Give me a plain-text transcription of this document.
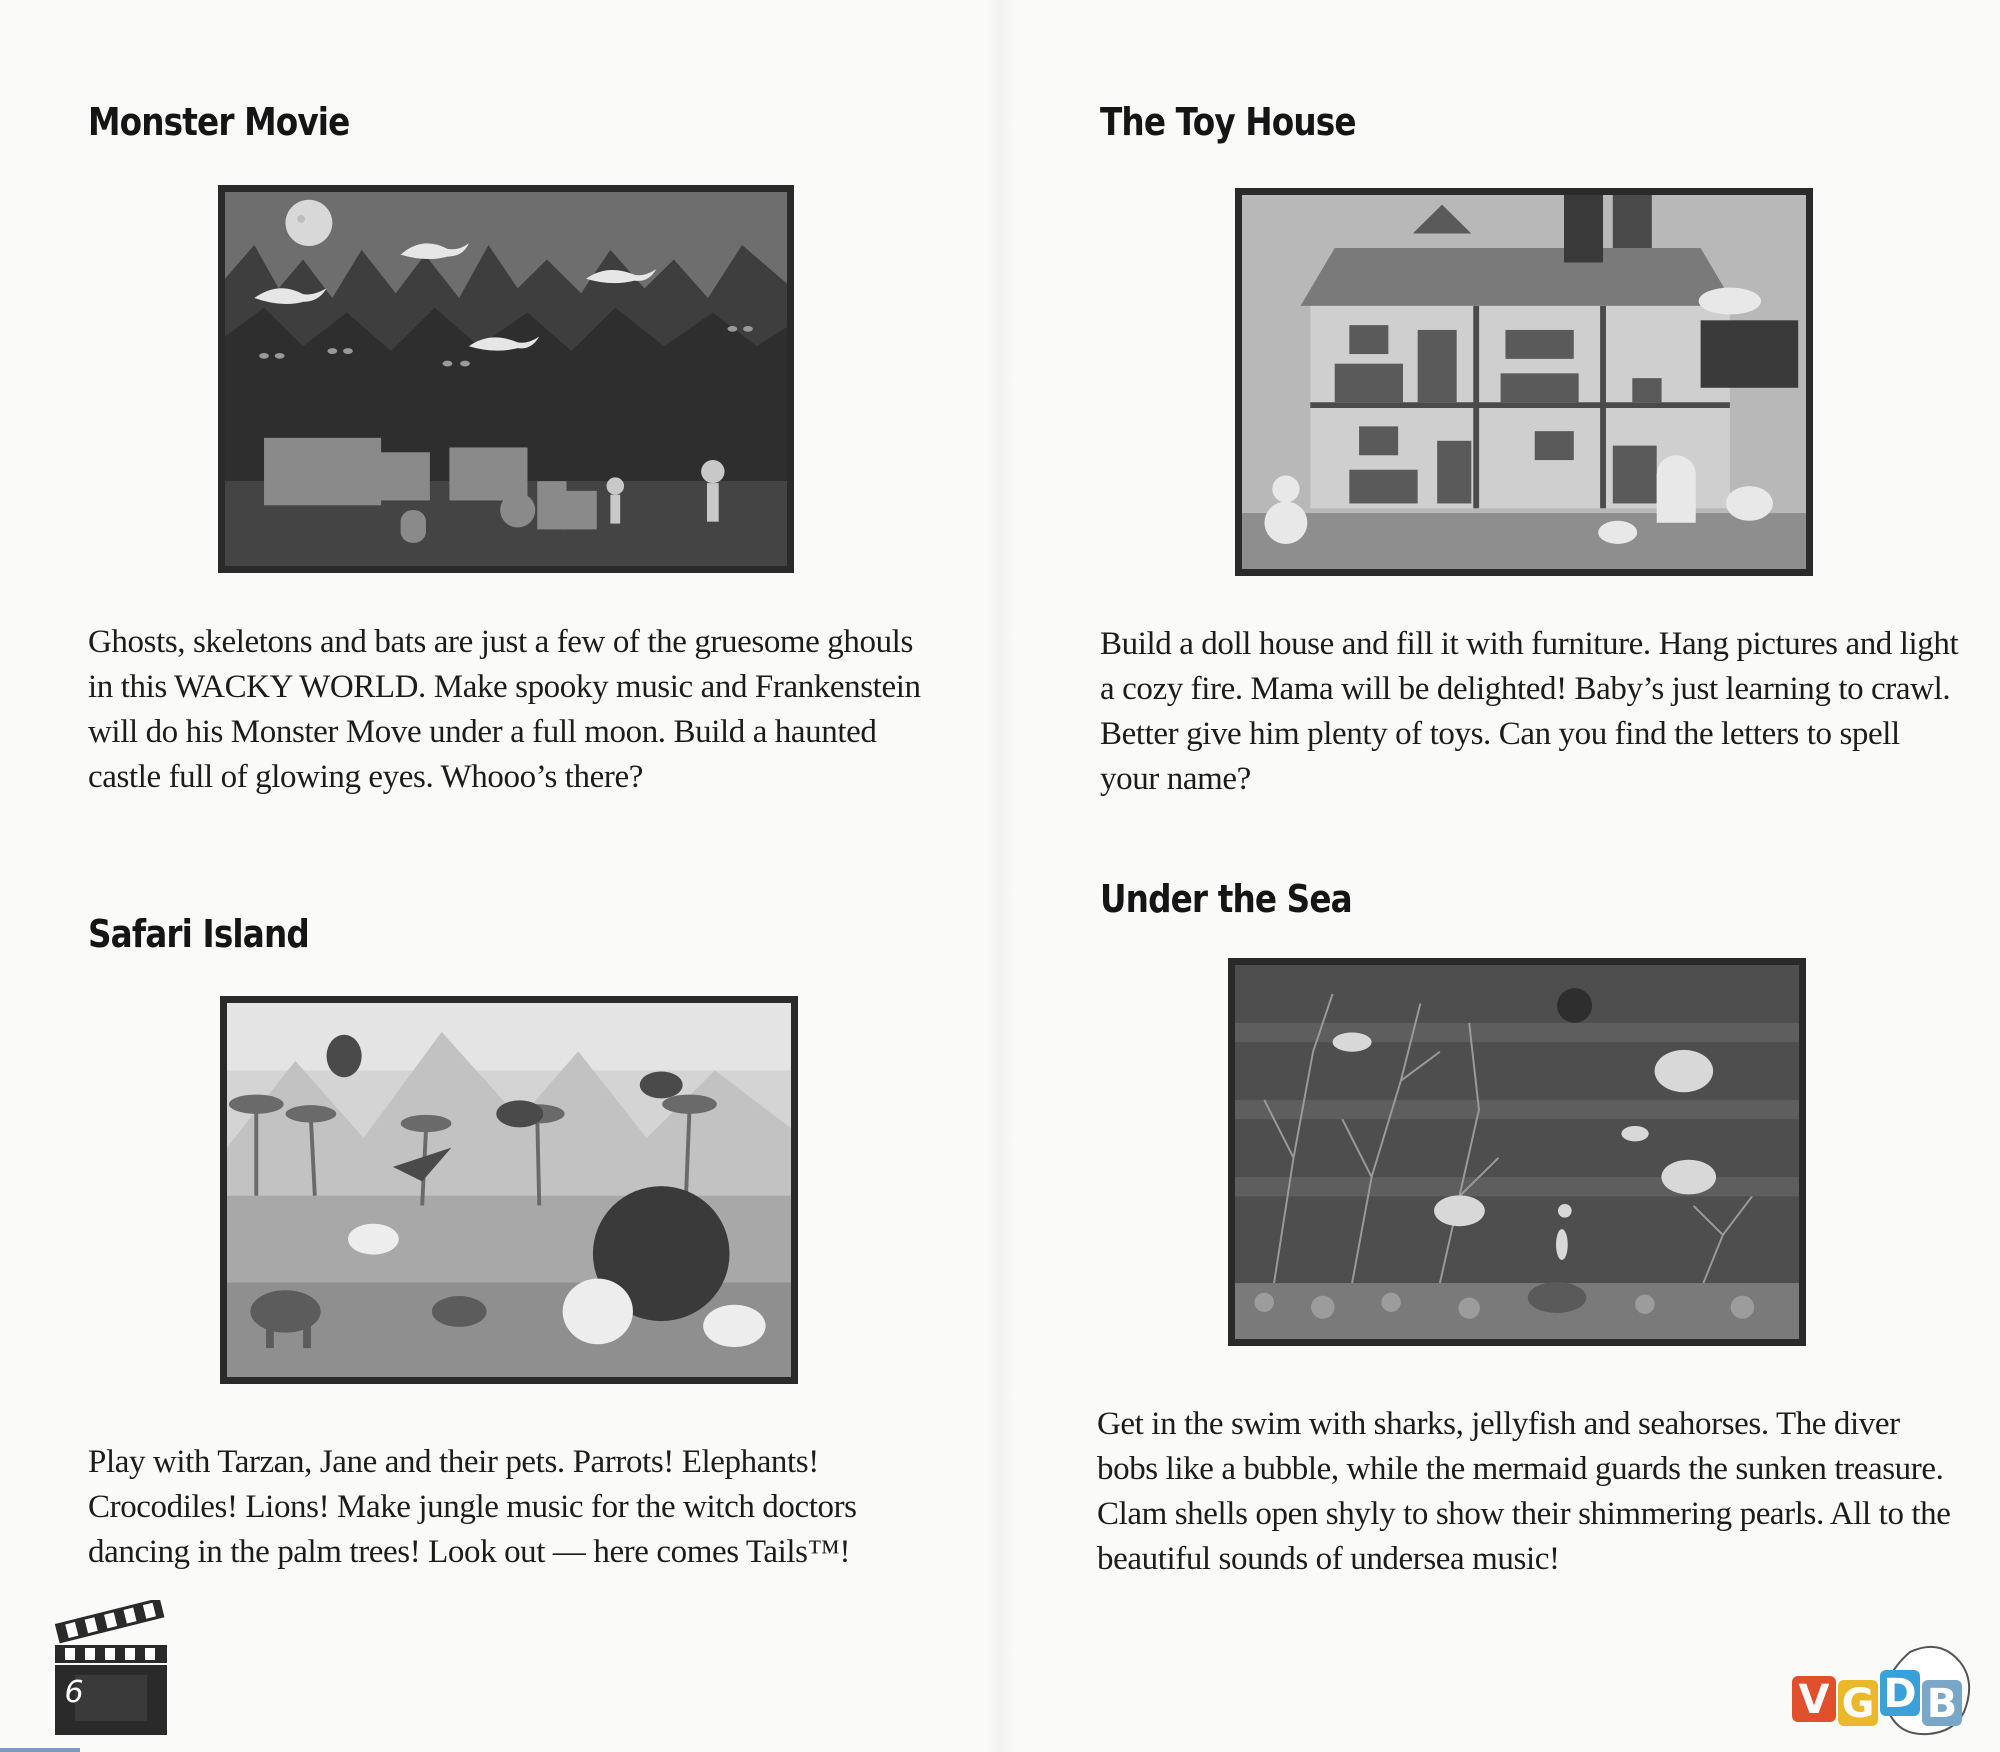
Monster Movie

Ghosts, skeletons and bats are just a few of the gruesome ghouls in this WACKY WORLD. Make spooky music and Frankenstein will do his Monster Move under a full moon. Build a haunted castle full of glowing eyes. Whooo’s there?

Safari Island

Play with Tarzan, Jane and their pets. Parrots! Elephants! Crocodiles! Lions! Make jungle music for the witch doctors dancing in the palm trees! Look out — here comes Tails™!

6
The Toy House

Build a doll house and fill it with furniture. Hang pictures and light a cozy fire. Mama will be delighted! Baby’s just learning to crawl. Better give him plenty of toys. Can you find the letters to spell your name?

Under the Sea

Get in the swim with sharks, jellyfish and seahorses. The diver bobs like a bubble, while the mermaid guards the sunken treasure. Clam shells open shyly to show their shimmering pearls. All to the beautiful sounds of undersea music!

V G D B
